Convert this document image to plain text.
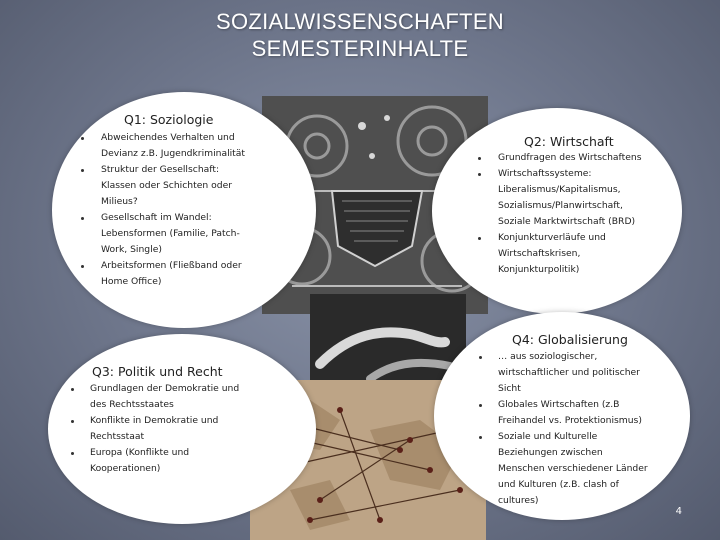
SOZIALWISSENSCHAFTEN
SEMESTERINHALTE
Q1: Soziologie
Abweichendes Verhalten und
Devianz z.B. Jugendkriminalität
Struktur der Gesellschaft:
Klassen oder Schichten oder
Milieus?
Gesellschaft im Wandel:
Lebensformen (Familie, Patch-
Work, Single)
Arbeitsformen (Fließband oder
Home Office)
Q2: Wirtschaft
Grundfragen des Wirtschaftens
Wirtschaftssysteme:
Liberalismus/Kapitalismus,
Sozialismus/Planwirtschaft,
Soziale Marktwirtschaft (BRD)
Konjunkturverläufe und
Wirtschaftskrisen,
Konjunkturpolitik)
Q3: Politik und Recht
Grundlagen der Demokratie und
des Rechtsstaates
Konflikte in Demokratie und
Rechtsstaat
Europa (Konflikte und
Kooperationen)
Q4: Globalisierung
… aus soziologischer,
wirtschaftlicher und politischer
Sicht
Globales Wirtschaften (z.B
Freihandel vs. Protektionismus)
Soziale und Kulturelle
Beziehungen zwischen
Menschen verschiedener Länder
und Kulturen (z.B. clash of
cultures)
4
